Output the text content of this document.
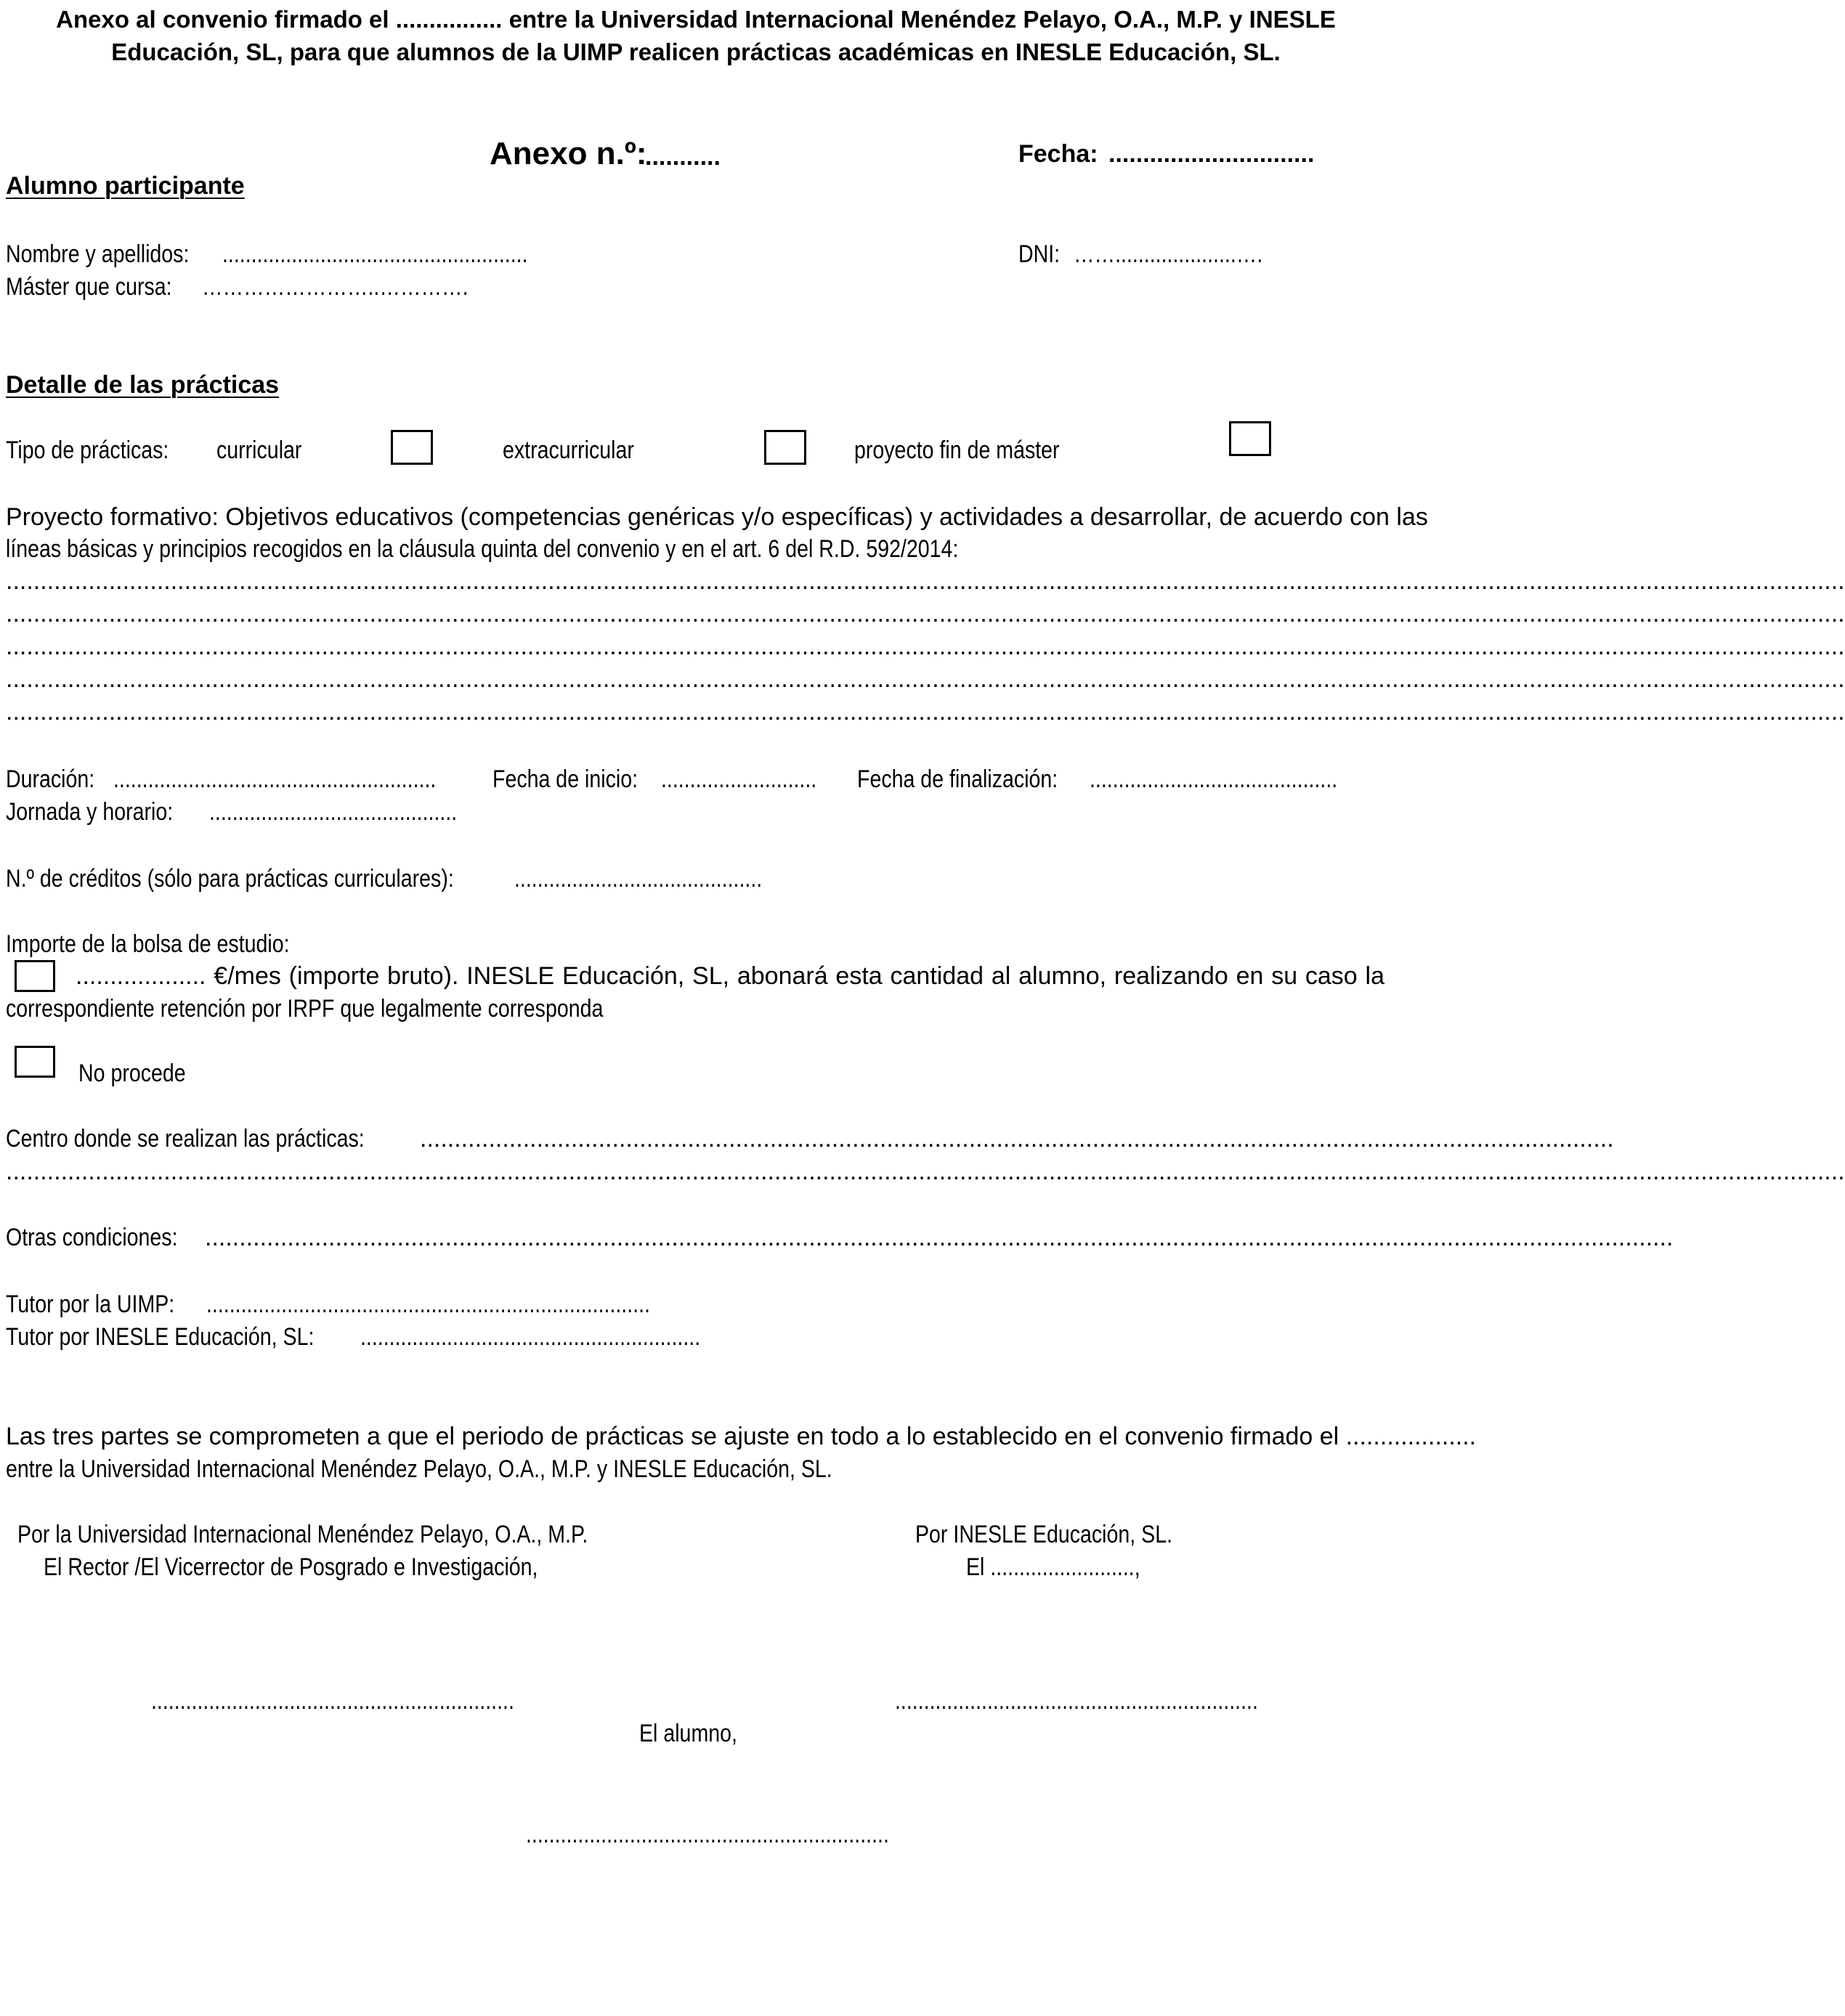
Anexo al convenio firmado el ................ entre la Universidad Internacional Menéndez Pelayo, O.A., M.P. y INESLE
Educación, SL, para que alumnos de la UIMP realicen prácticas académicas en INESLE Educación, SL.
Anexo n.º:
...........	Fecha: ..............................
Alumno participante
Nombre y apellidos: .....................................................	DNI: …….....................….
Máster que cursa: ……………………..………….
Detalle de las prácticas
Tipo de prácticas: curricular	extracurricular	proyecto fin de máster
Proyecto formativo: Objetivos educativos (competencias genéricas y/o específicas) y actividades a desarrollar, de acuerdo con las
líneas básicas y principios recogidos en la cláusula quinta del convenio y en el art. 6 del R.D. 592/2014:
............................................................................................................................................................................................................................................................................
............................................................................................................................................................................................................................................................................
............................................................................................................................................................................................................................................................................
............................................................................................................................................................................................................................................................................
............................................................................................................................................................................................................................................................................
Duración: ........................................................ Fecha de inicio: ........................... Fecha de finalización: ...........................................
Jornada y horario: ...........................................
N.º de créditos (sólo para prácticas curriculares): ...........................................
Importe de la bolsa de estudio:
................... €/mes (importe bruto). INESLE Educación, SL, abonará esta cantidad al alumno, realizando en su caso la
correspondiente retención por IRPF que legalmente corresponda
No procede
Centro donde se realizan las prácticas: ..............................................................................................................................................................................
............................................................................................................................................................................................................................................................................
Otras condiciones: ......................................................................................................................................................................................................................
Tutor por la UIMP: .............................................................................
Tutor por INESLE Educación, SL: ...........................................................
Las tres partes se comprometen a que el periodo de prácticas se ajuste en todo a lo establecido en el convenio firmado el ...................
entre la Universidad Internacional Menéndez Pelayo, O.A., M.P. y INESLE Educación, SL.
Por la Universidad Internacional Menéndez Pelayo, O.A., M.P.
El Rector /El Vicerrector de Posgrado e Investigación,
Por INESLE Educación, SL.
El .........................,
...............................................................	...............................................................
El alumno,
...............................................................
